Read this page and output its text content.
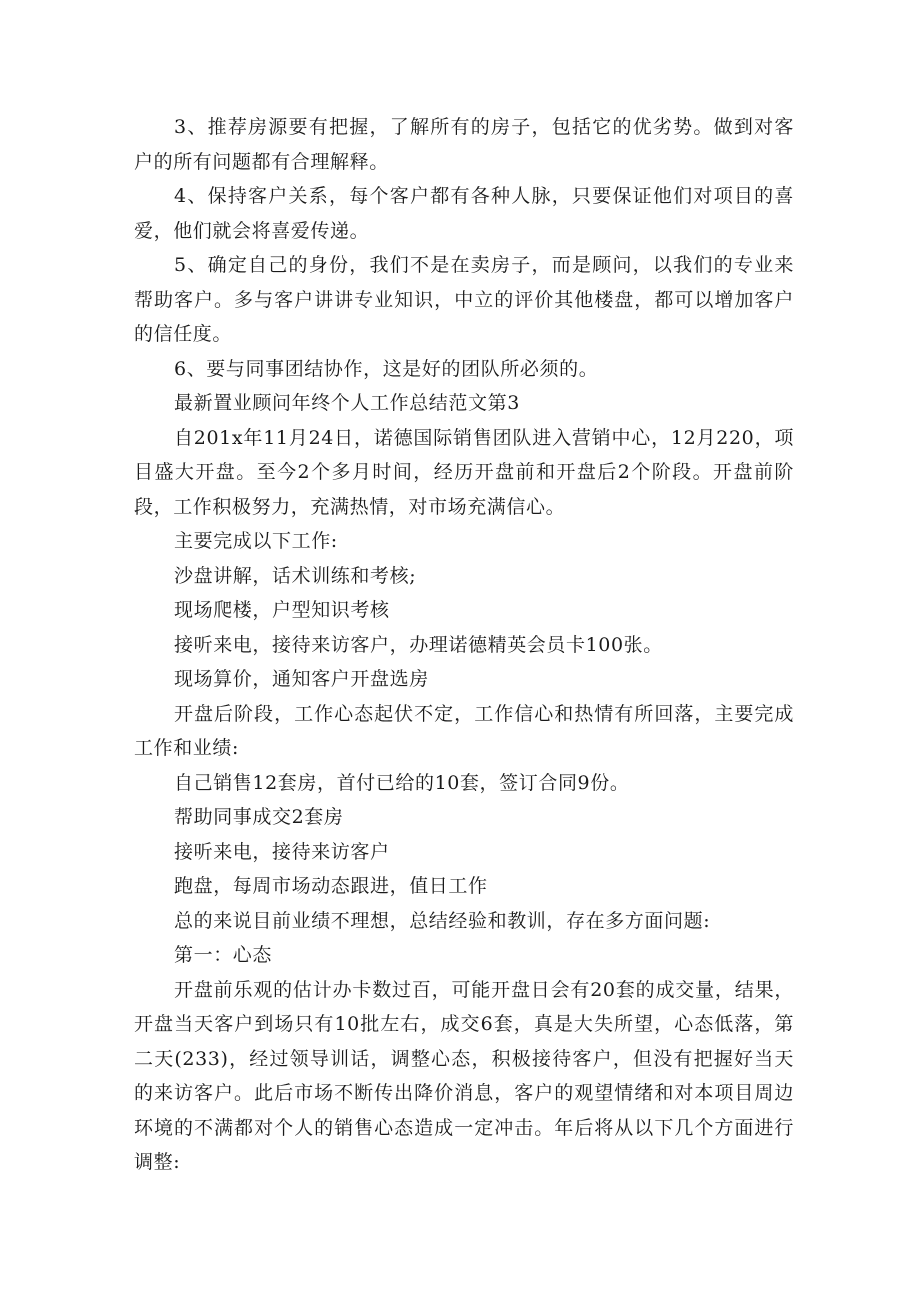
3、推荐房源要有把握，了解所有的房子，包括它的优劣势。做到对客户的所有问题都有合理解释。

4、保持客户关系，每个客户都有各种人脉，只要保证他们对项目的喜爱，他们就会将喜爱传递。

5、确定自己的身份，我们不是在卖房子，而是顾问，以我们的专业来帮助客户。多与客户讲讲专业知识，中立的评价其他楼盘，都可以增加客户的信任度。

6、要与同事团结协作，这是好的团队所必须的。

最新置业顾问年终个人工作总结范文第3

自201x年11月24日，诺德国际销售团队进入营销中心，12月220，项目盛大开盘。至今2个多月时间，经历开盘前和开盘后2个阶段。开盘前阶段，工作积极努力，充满热情，对市场充满信心。

主要完成以下工作:

沙盘讲解，话术训练和考核;

现场爬楼，户型知识考核

接听来电，接待来访客户，办理诺德精英会员卡100张。

现场算价，通知客户开盘选房

开盘后阶段，工作心态起伏不定，工作信心和热情有所回落，主要完成工作和业绩:

自己销售12套房，首付已给的10套，签订合同9份。

帮助同事成交2套房

接听来电，接待来访客户

跑盘，每周市场动态跟进，值日工作

总的来说目前业绩不理想，总结经验和教训，存在多方面问题:

第一：心态

开盘前乐观的估计办卡数过百，可能开盘日会有20套的成交量，结果，开盘当天客户到场只有10批左右，成交6套，真是大失所望，心态低落，第二天(233)，经过领导训话，调整心态，积极接待客户，但没有把握好当天的来访客户。此后市场不断传出降价消息，客户的观望情绪和对本项目周边环境的不满都对个人的销售心态造成一定冲击。年后将从以下几个方面进行调整:
